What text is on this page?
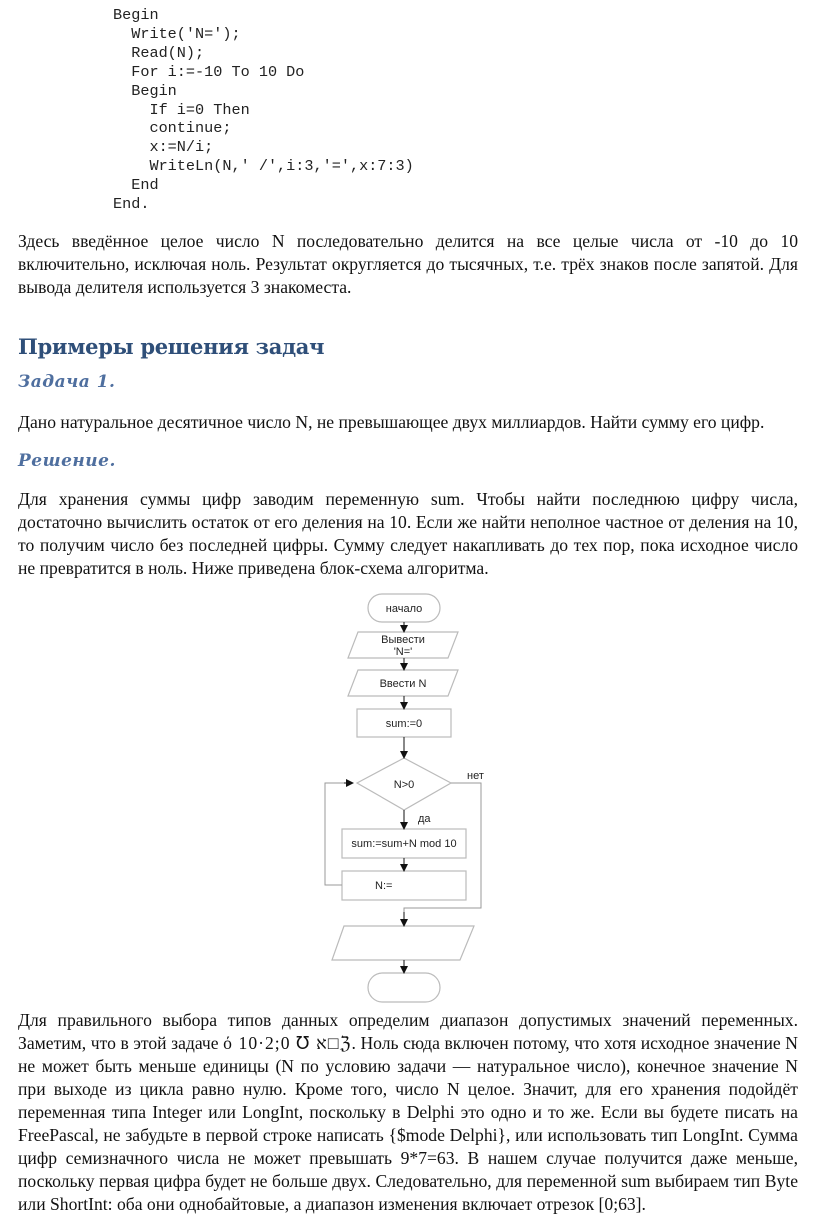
Begin
Write('N=');
Read(N);
For i:=-10 To 10 Do
Begin
If i=0 Then
continue;
x:=N/i;
WriteLn(N,' /',i:3,'=',x:7:3)
End
End.

Здесь введённое целое число N последовательно делится на все целые числа от -10 до 10 включительно, исключая ноль. Результат округляется до тысячных, т.е. трёх знаков после запятой. Для вывода делителя используется 3 знакоместа.

Примеры решения задач
Задача 1.

Дано натуральное десятичное число N, не превышающее двух миллиардов. Найти сумму его цифр.

Решение.

Для хранения суммы цифр заводим переменную sum. Чтобы найти последнюю цифру числа, достаточно вычислить остаток от его деления на 10. Если же найти неполное частное от деления на 10, то получим число без последней цифры. Сумму следует накапливать до тех пор, пока исходное число не превратится в ноль. Ниже приведена блок-схема алгоритма.

начало
Вывести
'N='
Ввести N
sum:=0
N>0
нет
да
sum:=sum+N mod 10
N:=
Для правильного выбора типов данных определим диапазон допустимых значений переменных. Заметим, что в этой задаче ό א ℧ 0;2·10□ℨ. Ноль сюда включен потому, что хотя исходное значение N не может быть меньше единицы (N по условию задачи — натуральное число), конечное значение N при выходе из цикла равно нулю. Кроме того, число N целое. Значит, для его хранения подойдёт переменная типа Integer или LongInt, поскольку в Delphi это одно и то же. Если вы будете писать на FreePascal, не забудьте в первой строке написать {$mode Delphi}, или использовать тип LongInt. Сумма цифр семизначного числа не может превышать 9*7=63. В нашем случае получится даже меньше, поскольку первая цифра будет не больше двух. Следовательно, для переменной sum выбираем тип Byte или ShortInt: оба они однобайтовые, а диапазон изменения включает отрезок [0;63].
